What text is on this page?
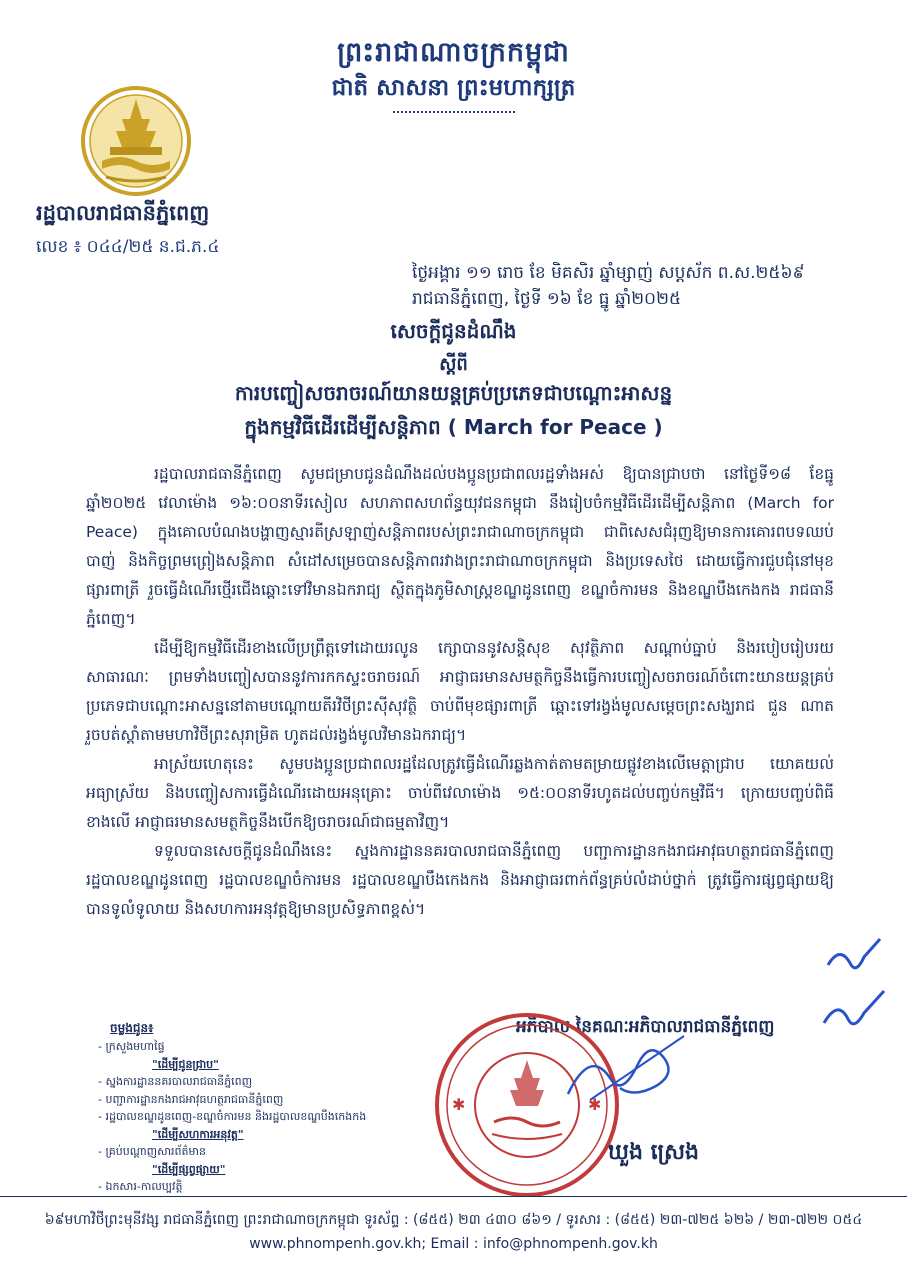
ព្រះរាជាណាចក្រកម្ពុជា
ជាតិ សាសនា ព្រះមហាក្សត្រ
រដ្ឋបាលរាជធានីភ្នំពេញ
លេខ ៖ ០៤៤/២៥ ន.ជ.ភ.៤
ថ្ងៃ​អង្គារ ១១ រោច ខែ មិគសិរ ឆ្នាំម្សាញ់ សប្តស័ក ព.ស.២៥៦៩
រាជធានីភ្នំពេញ, ថ្ងៃទី ១៦ ខែ ធ្នូ ឆ្នាំ២០២៥
សេចក្តីជូនដំណឹង
ស្តីពី
ការបញ្ចៀសចរាចរណ៍យានយន្តគ្រប់ប្រភេទជាបណ្តោះអាសន្ន
ក្នុងកម្មវិធីដើរដើម្បីសន្តិភាព ( March for Peace )

រដ្ឋបាលរាជធានីភ្នំពេញ សូមជម្រាបជូនដំណឹងដល់បងប្អូនប្រជាពលរដ្ឋទាំងអស់ ឱ្យបានជ្រាបថា នៅថ្ងៃទី១៨ ខែធ្នូ ឆ្នាំ២០២៥ វេលាម៉ោង ១៦:០០នាទីរសៀល សហភាពសហព័ន្ធយុវជនកម្ពុជា នឹងរៀបចំកម្មវិធីដើរដើម្បីសន្តិភាព (March for Peace) ក្នុងគោលបំណងបង្ហាញស្មារតីស្រឡាញ់សន្តិភាពរបស់ព្រះរាជាណាចក្រកម្ពុជា ជាពិសេសជំរុញឱ្យមានការគោរពបទឈប់បាញ់ និងកិច្ចព្រមព្រៀងសន្តិភាព សំដៅសម្រេចបានសន្តិភាពរវាងព្រះរាជាណាចក្រកម្ពុជា និងប្រទេសថៃ ដោយធ្វើការជួបជុំនៅមុខផ្សារពាត្រី រួចធ្វើដំណើរថ្មើរជើងឆ្ពោះទៅវិមានឯករាជ្យ ស្ថិតក្នុងភូមិសាស្ត្រខណ្ឌដូនពេញ ខណ្ឌចំការមន និងខណ្ឌបឹងកេងកង រាជធានីភ្នំពេញ។

ដើម្បីឱ្យកម្មវិធីដើរខាងលើប្រព្រឹត្តទៅដោយរលូន ក្សោបាននូវសន្តិសុខ សុវត្ថិភាព សណ្តាប់ធ្នាប់ និងរបៀបរៀបរយសាធារណៈ ព្រមទាំងបញ្ចៀសបាននូវការកកស្ទះចរាចរណ៍ អាជ្ញាធរមានសមត្ថកិច្ចនឹងធ្វើការបញ្ចៀសចរាចរណ៍ចំពោះយានយន្តគ្រប់ប្រភេទជាបណ្តោះអាសន្ននៅតាមបណ្តោយតីរវិថីព្រះស៊ីសុវត្ថិ ចាប់ពីមុខផ្សារពាត្រី ឆ្ពោះទៅរង្វង់មូលសម្តេចព្រះសង្ឃរាជ ជួន ណាត រួចបត់ស្តាំតាមមហាវិថីព្រះសុរាម្រិត ហូតដល់រង្វង់មូលវិមានឯករាជ្យ។

អាស្រ័យហេតុនេះ សូមបងប្អូនប្រជាពលរដ្ឋដែលត្រូវធ្វើដំណើរឆ្លងកាត់តាមតម្រាយផ្លូវខាងលើមេត្តាជ្រាប យោគយល់ អធ្យាស្រ័យ និងបញ្ចៀសការធ្វើដំណើរដោយអនុគ្រោះ ចាប់ពីវេលាម៉ោង ១៥:០០នាទីរហូតដល់បញ្ចប់កម្មវិធី។ ក្រោយបញ្ចប់ពិធីខាងលើ អាជ្ញាធរមានសមត្ថកិច្ចនឹងបើកឱ្យចរាចរណ៍ជាធម្មតាវិញ។

ទទួលបានសេចក្តីជូនដំណឹងនេះ ស្នងការដ្ឋាននគរបាលរាជធានីភ្នំពេញ បញ្ជាការដ្ឋានកងរាជអាវុធហត្ថរាជធានីភ្នំពេញ រដ្ឋបាលខណ្ឌដូនពេញ រដ្ឋបាលខណ្ឌចំការមន រដ្ឋបាលខណ្ឌបឹងកេងកង និងអាជ្ញាធរពាក់ព័ន្ធគ្រប់លំដាប់ថ្នាក់ ត្រូវធ្វើការផ្សព្វផ្សាយឱ្យបានទូលំទូលាយ និងសហការអនុវត្តឱ្យមានប្រសិទ្ធភាពខ្ពស់។

អភិបាល នៃគណៈអភិបាលរាជធានីភ្នំពេញ
✱	✱
ឃួង ស្រេង
ចម្លងជូន៖
- ក្រសួងមហាផ្ទៃ
"ដើម្បីជូនជ្រាប"
- ស្នងការដ្ឋាននគរបាលរាជធានីភ្នំពេញ
- បញ្ជាការដ្ឋានកងរាជអាវុធហត្ថរាជធានីភ្នំពេញ
- រដ្ឋបាលខណ្ឌដូនពេញ-ខណ្ឌចំការមន និងរដ្ឋបាលខណ្ឌបឹងកេងកង
"ដើម្បីសហការអនុវត្ត"
- គ្រប់បណ្តាញសារព័ត៌មាន
"ដើម្បីផ្សព្វផ្សាយ"
- ឯកសារ-កាលប្បវត្តិ
៦៩មហាវិថីព្រះមុនីវង្ស រាជធានីភ្នំពេញ ព្រះរាជាណាចក្រកម្ពុជា ទូរស័ព្ទ : (៨៥៥) ២៣ ៤៣០ ៨៦១ / ទូរសារ : (៨៥៥) ២៣-៧២៥ ៦២៦ / ២៣-៧២២ ០៥៤
www.phnompenh.gov.kh; Email : info@phnompenh.gov.kh
